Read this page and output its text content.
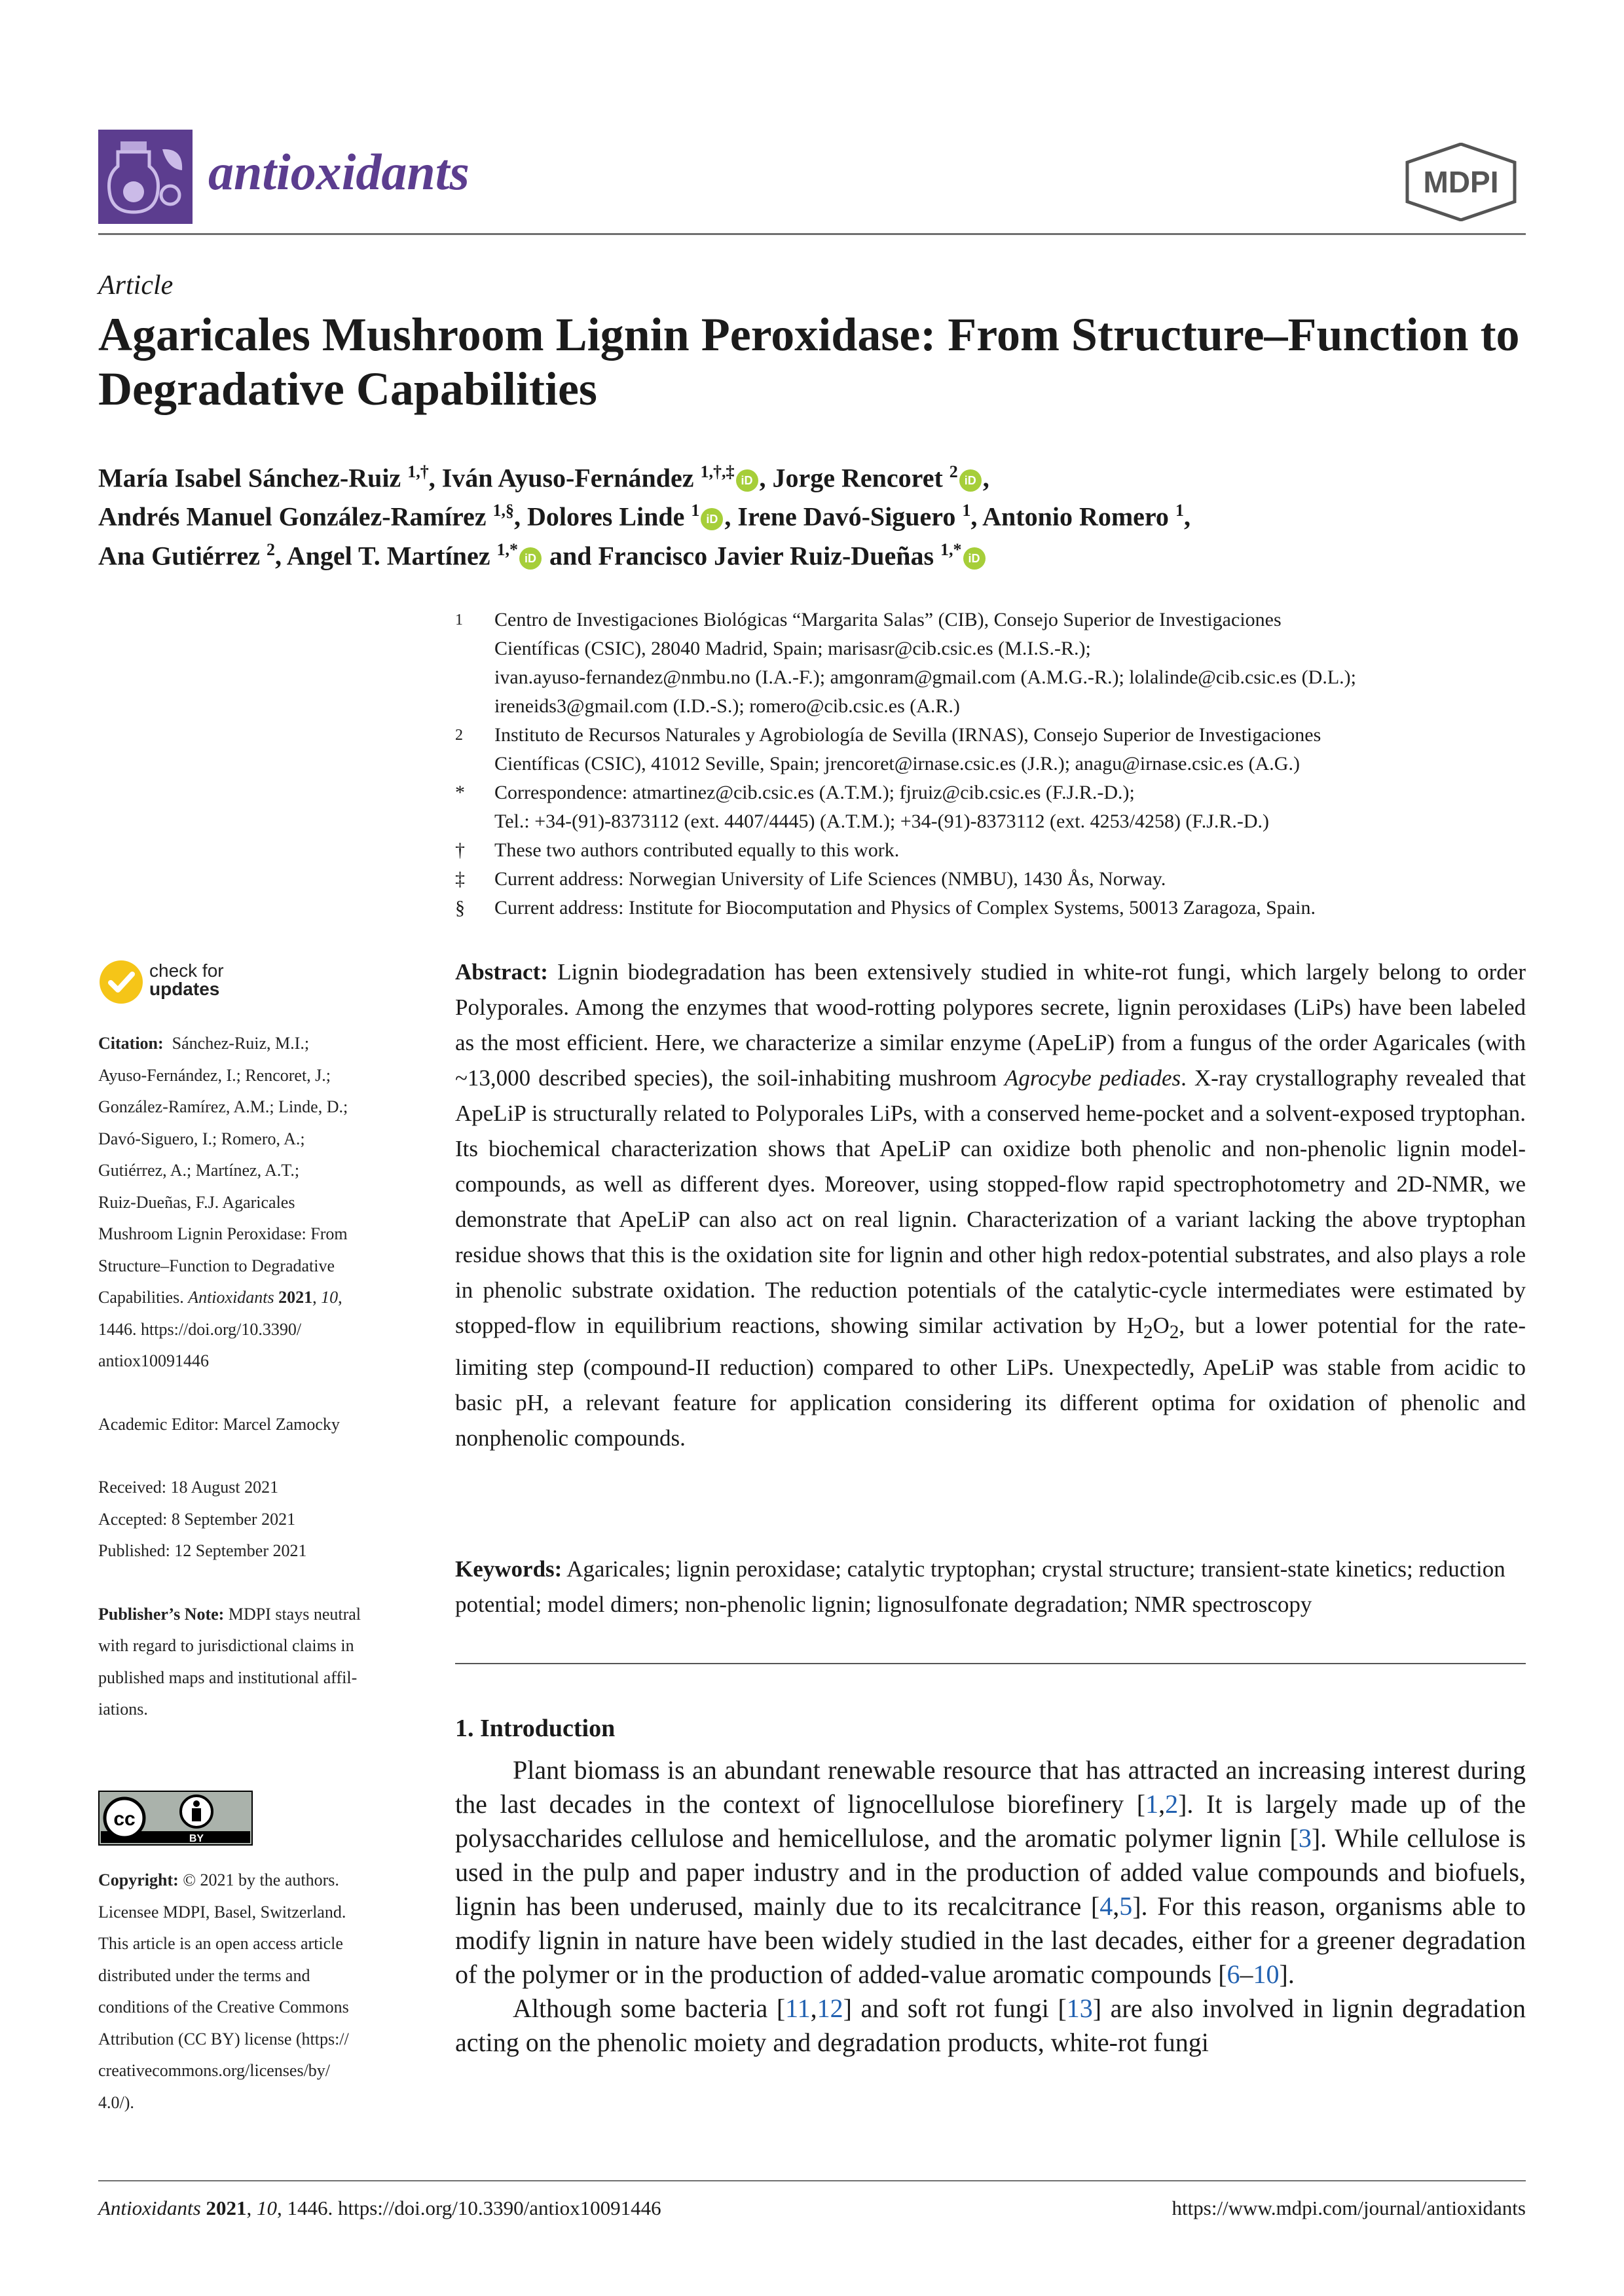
antioxidants	MDPI
Article
Agaricales Mushroom Lignin Peroxidase: From Structure–Function to Degradative Capabilities
María Isabel Sánchez-Ruiz $^{1,\dagger}$, Iván Ayuso-Fernández $^{1,\dagger,\ddagger}$ iD , Jorge Rencoret $^2$ iD ,
Andrés Manuel González-Ramírez $^{1,\S}$, Dolores Linde $^1$ iD , Irene Davó-Siguero $^1$, Antonio Romero $^1$,
Ana Gutiérrez $^2$, Angel T. Martínez $^{1,*}$ iD and Francisco Javier Ruiz-Dueñas $^{1,*}$ iD
1 Centro de Investigaciones Biológicas “Margarita Salas” (CIB), Consejo Superior de Investigaciones
Científicas (CSIC), 28040 Madrid, Spain; marisasr@cib.csic.es (M.I.S.-R.);
ivan.ayuso-fernandez@nmbu.no (I.A.-F.); amgonram@gmail.com (A.M.G.-R.); lolalinde@cib.csic.es (D.L.);
ireneids3@gmail.com (I.D.-S.); romero@cib.csic.es (A.R.)
2 Instituto de Recursos Naturales y Agrobiología de Sevilla (IRNAS), Consejo Superior de Investigaciones
Científicas (CSIC), 41012 Seville, Spain; jrencoret@irnase.csic.es (J.R.); anagu@irnase.csic.es (A.G.)
* Correspondence: atmartinez@cib.csic.es (A.T.M.); fjruiz@cib.csic.es (F.J.R.-D.);
Tel.: +34-(91)-8373112 (ext. 4407/4445) (A.T.M.); +34-(91)-8373112 (ext. 4253/4258) (F.J.R.-D.)
† These two authors contributed equally to this work.
‡ Current address: Norwegian University of Life Sciences (NMBU), 1430 Ås, Norway.
§ Current address: Institute for Biocomputation and Physics of Complex Systems, 50013 Zaragoza, Spain.
check for
updates

Citation: Sánchez-Ruiz, M.I.;
Ayuso-Fernández, I.; Rencoret, J.;
González-Ramírez, A.M.; Linde, D.;
Davó-Siguero, I.; Romero, A.;
Gutiérrez, A.; Martínez, A.T.;
Ruiz-Dueñas, F.J. Agaricales
Mushroom Lignin Peroxidase: From
Structure–Function to Degradative
Capabilities. Antioxidants 2021, 10,
1446. https://doi.org/10.3390/
antiox10091446

Academic Editor: Marcel Zamocky

Received: 18 August 2021

Accepted: 8 September 2021

Published: 12 September 2021

Publisher’s Note: MDPI stays neutral
with regard to jurisdictional claims in
published maps and institutional affil-
iations.

cc
BY
Copyright: © 2021 by the authors.
Licensee MDPI, Basel, Switzerland.
This article is an open access article
distributed under the terms and
conditions of the Creative Commons
Attribution (CC BY) license (https://
creativecommons.org/licenses/by/
4.0/).
Abstract: Lignin biodegradation has been extensively studied in white-rot fungi, which largely belong to order Polyporales. Among the enzymes that wood-rotting polypores secrete, lignin peroxidases (LiPs) have been labeled as the most efficient. Here, we characterize a similar enzyme (ApeLiP) from a fungus of the order Agaricales (with ~13,000 described species), the soil-inhabiting mushroom Agrocybe pediades. X-ray crystallography revealed that ApeLiP is structurally related to Polyporales LiPs, with a conserved heme-pocket and a solvent-exposed tryptophan. Its biochemical characterization shows that ApeLiP can oxidize both phenolic and non-phenolic lignin model-compounds, as well as different dyes. Moreover, using stopped-flow rapid spectrophotometry and 2D-NMR, we demonstrate that ApeLiP can also act on real lignin. Characterization of a variant lacking the above tryptophan residue shows that this is the oxidation site for lignin and other high redox-potential substrates, and also plays a role in phenolic substrate oxidation. The reduction potentials of the catalytic-cycle intermediates were estimated by stopped-flow in equilibrium reactions, showing similar activation by $H_2O_2$, but a lower potential for the rate-limiting step (compound-II reduction) compared to other LiPs. Unexpectedly, ApeLiP was stable from acidic to basic pH, a relevant feature for application considering its different optima for oxidation of phenolic and nonphenolic compounds.
Keywords: Agaricales; lignin peroxidase; catalytic tryptophan; crystal structure; transient-state kinetics; reduction potential; model dimers; non-phenolic lignin; lignosulfonate degradation; NMR spectroscopy
1. Introduction

Plant biomass is an abundant renewable resource that has attracted an increasing interest during the last decades in the context of lignocellulose biorefinery [1,2]. It is largely made up of the polysaccharides cellulose and hemicellulose, and the aromatic polymer lignin [3]. While cellulose is used in the pulp and paper industry and in the production of added value compounds and biofuels, lignin has been underused, mainly due to its recalcitrance [4,5]. For this reason, organisms able to modify lignin in nature have been widely studied in the last decades, either for a greener degradation of the polymer or in the production of added-value aromatic compounds [6–10].

Although some bacteria [11,12] and soft rot fungi [13] are also involved in lignin degradation acting on the phenolic moiety and degradation products, white-rot fungi

Antioxidants 2021, 10, 1446. https://doi.org/10.3390/antiox10091446	https://www.mdpi.com/journal/antioxidants
